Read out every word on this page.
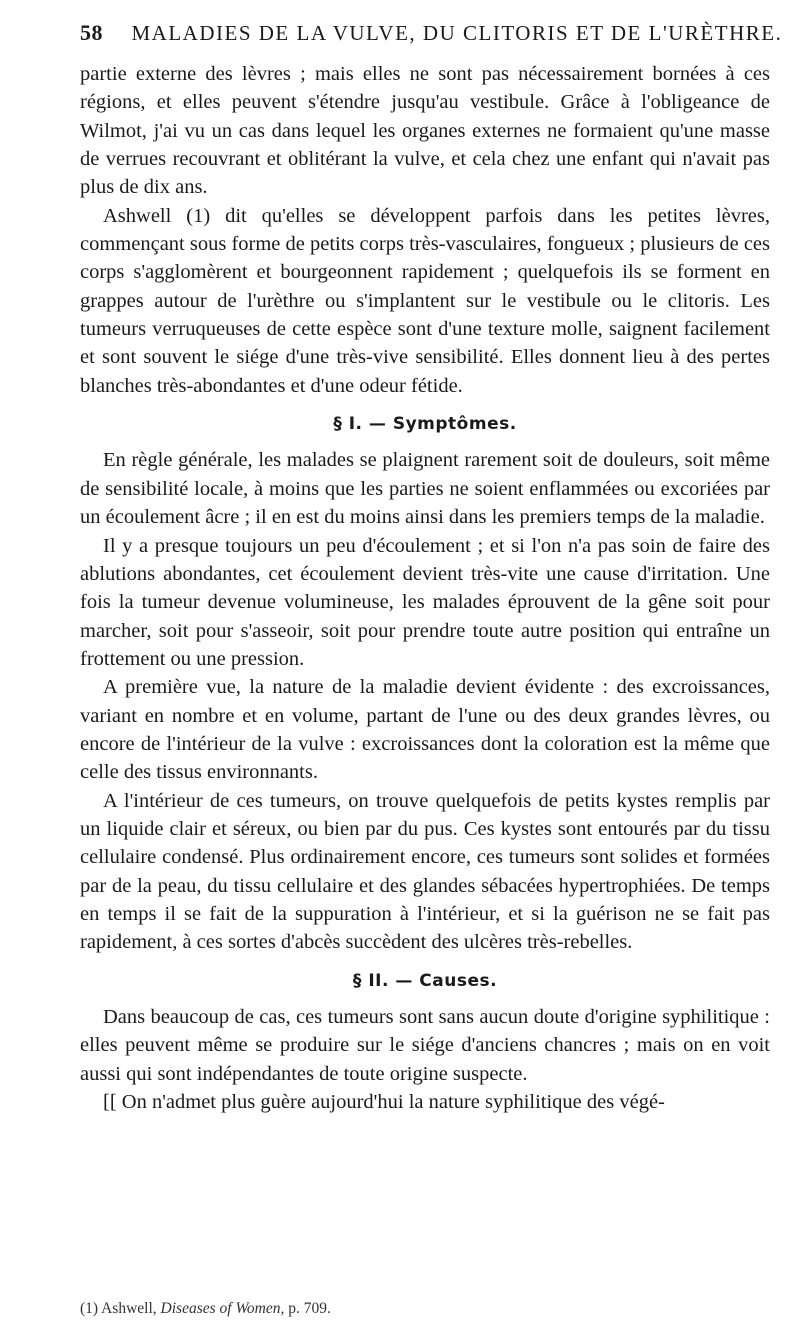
58 MALADIES DE LA VULVE, DU CLITORIS ET DE L'URÈTHRE.

partie externe des lèvres ; mais elles ne sont pas nécessairement bornées à ces régions, et elles peuvent s'étendre jusqu'au vestibule. Grâce à l'obligeance de Wilmot, j'ai vu un cas dans lequel les organes externes ne formaient qu'une masse de verrues recouvrant et oblitérant la vulve, et cela chez une enfant qui n'avait pas plus de dix ans.

Ashwell (1) dit qu'elles se développent parfois dans les petites lèvres, commençant sous forme de petits corps très-vasculaires, fongueux ; plusieurs de ces corps s'agglomèrent et bourgeonnent rapidement ; quelquefois ils se forment en grappes autour de l'urèthre ou s'implantent sur le vestibule ou le clitoris. Les tumeurs verruqueuses de cette espèce sont d'une texture molle, saignent facilement et sont souvent le siége d'une très-vive sensibilité. Elles donnent lieu à des pertes blanches très-abondantes et d'une odeur fétide.

§ I. — Symptômes.

En règle générale, les malades se plaignent rarement soit de douleurs, soit même de sensibilité locale, à moins que les parties ne soient enflammées ou excoriées par un écoulement âcre ; il en est du moins ainsi dans les premiers temps de la maladie.

Il y a presque toujours un peu d'écoulement ; et si l'on n'a pas soin de faire des ablutions abondantes, cet écoulement devient très-vite une cause d'irritation. Une fois la tumeur devenue volumineuse, les malades éprouvent de la gêne soit pour marcher, soit pour s'asseoir, soit pour prendre toute autre position qui entraîne un frottement ou une pression.

A première vue, la nature de la maladie devient évidente : des excroissances, variant en nombre et en volume, partant de l'une ou des deux grandes lèvres, ou encore de l'intérieur de la vulve : excroissances dont la coloration est la même que celle des tissus environnants.

A l'intérieur de ces tumeurs, on trouve quelquefois de petits kystes remplis par un liquide clair et séreux, ou bien par du pus. Ces kystes sont entourés par du tissu cellulaire condensé. Plus ordinairement encore, ces tumeurs sont solides et formées par de la peau, du tissu cellulaire et des glandes sébacées hypertrophiées. De temps en temps il se fait de la suppuration à l'intérieur, et si la guérison ne se fait pas rapidement, à ces sortes d'abcès succèdent des ulcères très-rebelles.

§ II. — Causes.

Dans beaucoup de cas, ces tumeurs sont sans aucun doute d'origine syphilitique : elles peuvent même se produire sur le siége d'anciens chancres ; mais on en voit aussi qui sont indépendantes de toute origine suspecte.

[[ On n'admet plus guère aujourd'hui la nature syphilitique des végé-

(1) Ashwell, Diseases of Women, p. 709.
